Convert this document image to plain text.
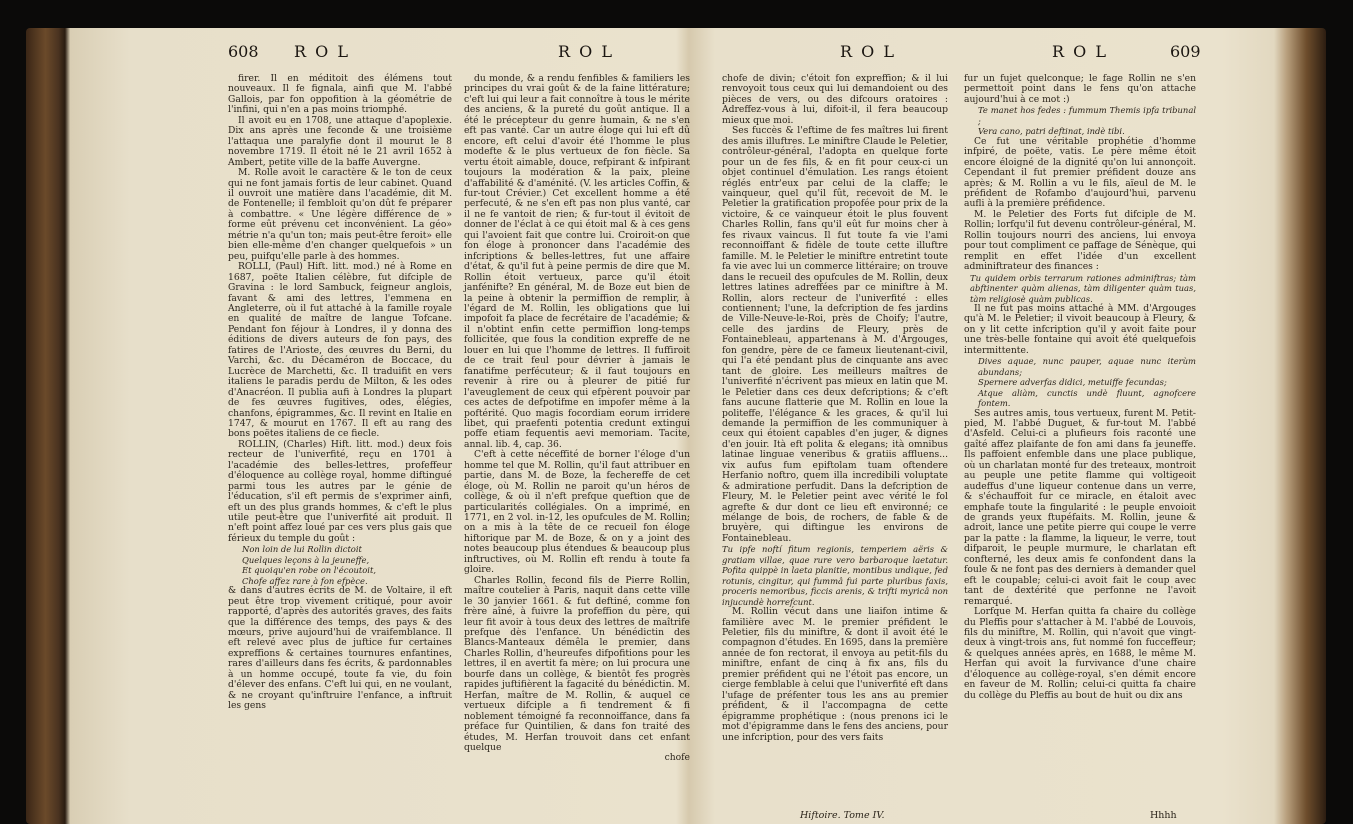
608 R O L	R O L

firer. Il en méditoit des élémens tout nouveaux. Il fe fignala, ainfi que M. l'abbé Gallois, par fon oppofition à la géométrie de l'infini, qui n'en a pas moins triomphé.

Il avoit eu en 1708, une attaque d'apoplexie. Dix ans après une feconde & une troisième l'attaqua une paralyfie dont il mourut le 8 novembre 1719. Il étoit né le 21 avril 1652 à Ambert, petite ville de la baffe Auvergne.

M. Rolle avoit le caractère & le ton de ceux qui ne font jamais fortis de leur cabinet. Quand il ouvroit une matière dans l'académie, dit M. de Fontenelle; il fembloit qu'on dût fe préparer à combattre. « Une légère différence de » forme eût prévenu cet inconvénient. La géo» métrie n'a qu'un ton; mais peut-être feroit» elle bien elle-même d'en changer quelquefois » un peu, puifqu'elle parle à des hommes.

ROLLI, (Paul) Hift. litt. mod.) né à Rome en 1687, poëte Italien célèbre, fut difciple de Gravina : le lord Sambuck, feigneur anglois, favant & ami des lettres, l'emmena en Angleterre, où il fut attaché à la famille royale en qualité de maître de langue Tofcane. Pendant fon féjour à Londres, il y donna des éditions de divers auteurs de fon pays, des fatires de l'Arioste, des œuvres du Berni, du Varchi, &c. du Décaméron de Boccace, du Lucrèce de Marchetti, &c. Il traduifit en vers italiens le paradis perdu de Milton, & les odes d'Anacréon. Il publia aufi à Londres la plupart de fes œuvres fugitives, odes, élégies, chanfons, épigrammes, &c. Il revint en Italie en 1747, & mourut en 1767. Il eft au rang des bons poëtes italiens de ce fiecle.

ROLLIN, (Charles) Hift. litt. mod.) deux fois recteur de l'univerfité, reçu en 1701 à l'académie des belles-lettres, profeffeur d'éloquence au collège royal, homme diftingué parmi tous les autres par le génie de l'éducation, s'il eft permis de s'exprimer ainfi, eft un des plus grands hommes, & c'eft le plus utile peut-être que l'univerfité ait produit. Il n'eft point affez loué par ces vers plus gais que férieux du temple du goût :

Non loin de lui Rollin dictoit

Quelques leçons à la jeuneffe,

Et quoiqu'en robe on l'écoutoit,

Chofe affez rare à fon efpèce.

& dans d'autres écrits de M. de Voltaire, il eft peut être trop vivement critiqué, pour avoir rapporté, d'après des autorités graves, des faits que la différence des temps, des pays & des mœurs, prive aujourd'hui de vraifemblance. Il eft relevé avec plus de juftice fur certaines expreffions & certaines tournures enfantines, rares d'ailleurs dans fes écrits, & pardonnables à un homme occupé, toute fa vie, du foin d'élever des enfans. C'eft lui qui, en ne voulant, & ne croyant qu'inftruire l'enfance, a inftruit les gens

du monde, & a rendu fenfibles & familiers les principes du vrai goût & de la faine littérature; c'eft lui qui leur a fait connoître à tous le mérite des anciens, & la pureté du goût antique. Il a été le précepteur du genre humain, & ne s'en eft pas vanté. Car un autre éloge qui lui eft dû encore, eft celui d'avoir été l'homme le plus modefte & le plus vertueux de fon fiècle. Sa vertu étoit aimable, douce, refpirant & infpirant toujours la modération & la paix, pleine d'affabilité & d'aménité. (V. les articles Coffin, & fur-tout Crévier.) Cet excellent homme a été perfecuté, & ne s'en eft pas non plus vanté, car il ne fe vantoit de rien; & fur-tout il évitoit de donner de l'éclat à ce qui étoit mal & à ces gens qui l'avoient fait que contre lui. Croiroit-on que fon éloge à prononcer dans l'académie des infcriptions & belles-lettres, fut une affaire d'état, & qu'il fut à peine permis de dire que M. Rollin étoit vertueux, parce qu'il étoit janfénifte? En général, M. de Boze eut bien de la peine à obtenir la permiffion de remplir, à l'égard de M. Rollin, les obligations que lui impofoit fa place de fecrétaire de l'académie; & il n'obtint enfin cette permiffion long-temps follicitée, que fous la condition expreffe de ne louer en lui que l'homme de lettres. Il fuffiroit de ce trait feul pour dévrier à jamais le fanatifme perfécuteur; & il faut toujours en revenir à rire ou à pleurer de pitié fur l'aveuglement de ceux qui efpèrent pouvoir par ces actes de defpotifme en impofer même à la poftérité. Quo magis focordiam eorum irridere libet, qui praefenti potentia credunt extingui poffe etiam fequentis aevi memoriam. Tacite, annal. lib. 4, cap. 36.

C'eft à cette néceffité de borner l'éloge d'un homme tel que M. Rollin, qu'il faut attribuer en partie, dans M. de Boze, la fechereffe de cet éloge, où M. Rollin ne paroit qu'un héros de collège, & où il n'eft prefque queftion que de particularités collégiales. On a imprimé, en 1771, en 2 vol. in-12, les opufcules de M. Rollin; on a mis à la tête de ce recueil fon éloge hiftorique par M. de Boze, & on y a joint des notes beaucoup plus étendues & beaucoup plus inftructives, où M. Rollin eft rendu à toute fa gloire.

Charles Rollin, fecond fils de Pierre Rollin, maître coutelier à Paris, naquit dans cette ville le 30 janvier 1661. & fut deftiné, comme fon frère aîné, à fuivre la profeffion du père, qui leur fit avoir à tous deux des lettres de maîtrife prefque dès l'enfance. Un bénédictin des Blancs-Manteaux démêla le premier, dans Charles Rollin, d'heureufes difpofitions pour les lettres, il en avertit fa mère; on lui procura une bourfe dans un collège, & bientôt fes progrès rapides juftifièrent la fagacité du bénédictin. M. Herfan, maître de M. Rollin, & auquel ce vertueux difciple a fi tendrement & fi noblement témoigné fa reconnoiffance, dans fa préface fur Quintilien, & dans fon traité des études, M. Herfan trouvoit dans cet enfant quelque

chofe

R O L	R O L	609

chofe de divin; c'étoit fon expreffion; & il lui renvoyoit tous ceux qui lui demandoient ou des pièces de vers, ou des difcours oratoires : Adreffez-vous à lui, difoit-il, il fera beaucoup mieux que moi.

Ses fuccès & l'eftime de fes maîtres lui firent des amis illuftres. Le miniftre Claude le Peletier, contrôleur-général, l'adopta en quelque forte pour un de fes fils, & en fit pour ceux-ci un objet continuel d'émulation. Les rangs étoient réglés entr'eux par celui de la claffe; le vainqueur, quel qu'il fût, recevoit de M. le Peletier la gratification propofée pour prix de la victoire, & ce vainqueur étoit le plus fouvent Charles Rollin, fans qu'il eût fur moins cher à fes rivaux vaincus. Il fut toute fa vie l'ami reconnoiffant & fidèle de toute cette illuftre famille. M. le Peletier le miniftre entretint toute fa vie avec lui un commerce littéraire; on trouve dans le recueil des opufcules de M. Rollin, deux lettres latines adreffées par ce miniftre à M. Rollin, alors recteur de l'univerfité : elles contiennent; l'une, la defcription de fes jardins de Ville-Neuve-le-Roi, près de Choify; l'autre, celle des jardins de Fleury, près de Fontainebleau, appartenans à M. d'Argouges, fon gendre, père de ce fameux lieutenant-civil, qui l'a été pendant plus de cinquante ans avec tant de gloire. Les meilleurs maîtres de l'univerfité n'écrivent pas mieux en latin que M. le Peletier dans ces deux defcriptions; & c'eft fans aucune flatterie que M. Rollin en loue la politeffe, l'élégance & les graces, & qu'il lui demande la permiffion de les communiquer à ceux qui étoient capables d'en juger, & dignes d'en jouir. Ità eft polita & elegans; ità omnibus latinae linguae veneribus & gratiis affluens... vix aufus fum epiftolam tuam oftendere Herfanio noftro, quem illa incredibili voluptate & admiratione perfudit. Dans la defcription de Fleury, M. le Peletier peint avec vérité le fol agrefte & dur dont ce lieu eft environné; ce mélange de bois, de rochers, de fable & de bruyère, qui diftingue les environs de Fontainebleau.

Tu ipfe noftí fitum regionis, temperiem aëris & gratiam villae, quae rure vero barbaroque laetatur. Pofita quippè in laeta planitie, montibus undique, fed rotunis, cingitur, qui fummâ fui parte pluribus faxis, proceris nemoribus, ficcis arenis, & trifti myricâ non injucundè horrefcunt.

M. Rollin vécut dans une liaifon intime & familière avec M. le premier préfident le Peletier, fils du miniftre, & dont il avoit été le compagnon d'études. En 1695, dans la première année de fon rectorat, il envoya au petit-fils du miniftre, enfant de cinq à fix ans, fils du premier préfident qui ne l'étoit pas encore, un cierge femblable à celui que l'univerfité eft dans l'ufage de préfenter tous les ans au premier préfident, & il l'accompagna de cette épigramme prophétique : (nous prenons ici le mot d'épigramme dans le fens des anciens, pour une infcription, pour des vers faits

fur un fujet quelconque; le fage Rollin ne s'en permettoit point dans le fens qu'on attache aujourd'hui à ce mot :)

Te manet hos fedes : fummum Themis ipfa tribunal ;

Vera cano, patri deftinat, indè tibi.

Ce fut une véritable prophétie d'homme infpiré, de poëte, vatis. Le père même étoit encore éloigné de la dignité qu'on lui annonçoit. Cependant il fut premier préfident douze ans après; & M. Rollin a vu le fils, aïeul de M. le préfident de Rofambo d'aujourd'hui, parvenu aufli à la première préfidence.

M. le Peletier des Forts fut difciple de M. Rollin; lorfqu'il fut devenu contrôleur-général, M. Rollin toujours nourri des anciens, lui envoya pour tout compliment ce paffage de Sénèque, qui remplit en effet l'idée d'un excellent adminiftrateur des finances :

Tu quidem orbis terrarum rationes adminiftras; tàm abftinenter quàm alienas, tàm diligenter quàm tuas, tàm religiosè quàm publicas.

Il ne fut pas moins attaché à MM. d'Argouges qu'à M. le Peletier; il vivoit beaucoup à Fleury, & on y lit cette infcription qu'il y avoit faite pour une très-belle fontaine qui avoit été quelquefois intermittente.

Dives aquae, nunc pauper, aquae nunc iterùm abundans;

Spernere adverfas didici, metuiffe fecundas;

Atque aliàm, cunctis undè fluunt, agnofcere fontem.

Ses autres amis, tous vertueux, furent M. Petit-pied, M. l'abbé Duguet, & fur-tout M. l'abbé d'Asfeld. Celui-ci a plufieurs fois raconté une gaîté affez plaifante de fon ami dans fa jeuneffe. Ils paffoient enfemble dans une place publique, où un charlatan monté fur des treteaux, montroit au peuple une petite flamme qui voltigeoit audeffus d'une liqueur contenue dans un verre, & s'échauffoit fur ce miracle, en étaloit avec emphafe toute la fingularité : le peuple envoioit de grands yeux ftupéfaits. M. Rollin, jeune & adroit, lance une petite pierre qui coupe le verre par la patte : la flamme, la liqueur, le verre, tout difparoit, le peuple murmure, le charlatan eft confterné, les deux amis fe confondent dans la foule & ne font pas des derniers à demander quel eft le coupable; celui-ci avoit fait le coup avec tant de dextérité que perfonne ne l'avoit remarqué.

Lorfque M. Herfan quitta fa chaire du collège du Pleffis pour s'attacher à M. l'abbé de Louvois, fils du miniftre, M. Rollin, qui n'avoit que vingt-deux à vingt-trois ans, fut nommé fon fucceffeur; & quelques années après, en 1688, le même M. Herfan qui avoit la furvivance d'une chaire d'éloquence au collège-royal, s'en démit encore en faveur de M. Rollin; celui-ci quitta fa chaire du collège du Pleffis au bout de huit ou dix ans

Hiftoire. Tome IV.	Hhhh
